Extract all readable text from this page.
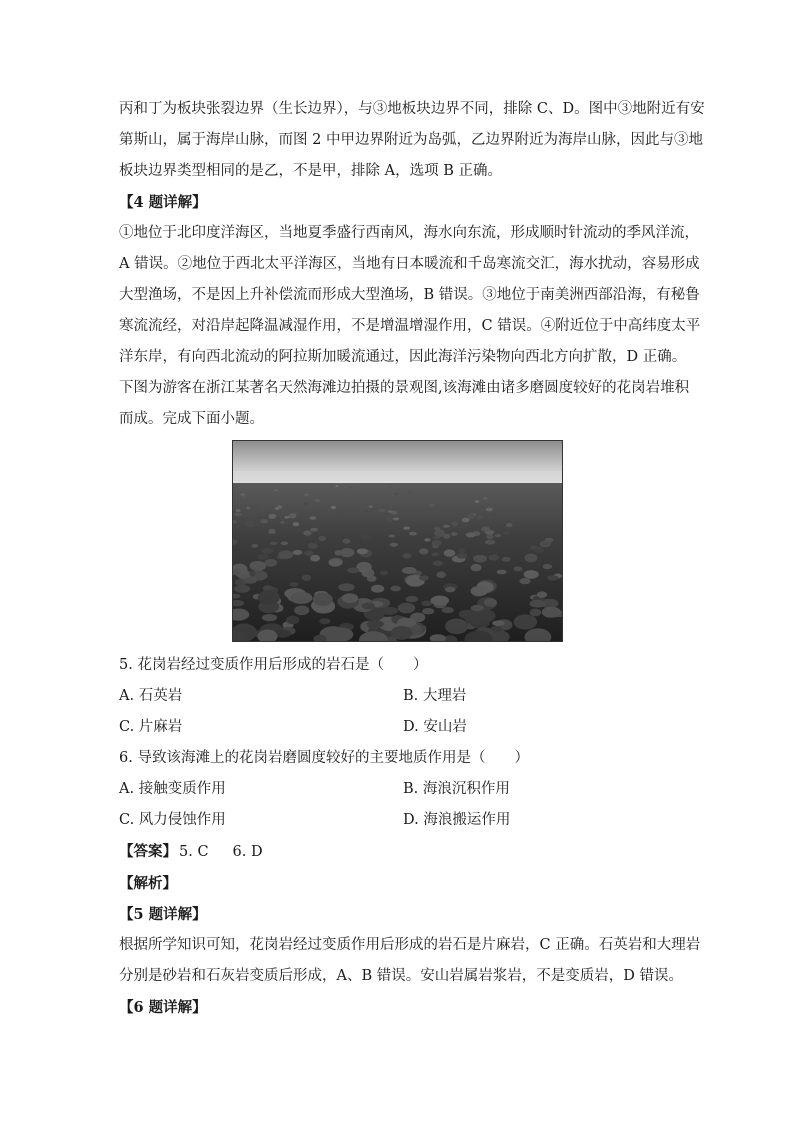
丙和丁为板块张裂边界（生长边界），与③地板块边界不同，排除 C、D。图中③地附近有安
第斯山，属于海岸山脉，而图 2 中甲边界附近为岛弧，乙边界附近为海岸山脉，因此与③地
板块边界类型相同的是乙，不是甲，排除 A，选项 B 正确。

【4 题详解】

①地位于北印度洋海区，当地夏季盛行西南风，海水向东流，形成顺时针流动的季风洋流，
A 错误。②地位于西北太平洋海区，当地有日本暖流和千岛寒流交汇，海水扰动，容易形成
大型渔场，不是因上升补偿流而形成大型渔场，B 错误。③地位于南美洲西部沿海，有秘鲁
寒流流经，对沿岸起降温减湿作用，不是增温增湿作用，C 错误。④附近位于中高纬度太平
洋东岸，有向西北流动的阿拉斯加暖流通过，因此海洋污染物向西北方向扩散，D 正确。

下图为游客在浙江某著名天然海滩边拍摄的景观图,该海滩由诸多磨圆度较好的花岗岩堆积
而成。完成下面小题。

5. 花岗岩经过变质作用后形成的岩石是（　　）
A. 石英岩	B. 大理岩
C. 片麻岩	D. 安山岩
6. 导致该海滩上的花岗岩磨圆度较好的主要地质作用是（　　）
A. 接触变质作用	B. 海浪沉积作用
C. 风力侵蚀作用	D. 海浪搬运作用
【答案】 5. C 6. D
【解析】
【5 题详解】

根据所学知识可知，花岗岩经过变质作用后形成的岩石是片麻岩，C 正确。石英岩和大理岩
分别是砂岩和石灰岩变质后形成，A、B 错误。安山岩属岩浆岩，不是变质岩，D 错误。

【6 题详解】
